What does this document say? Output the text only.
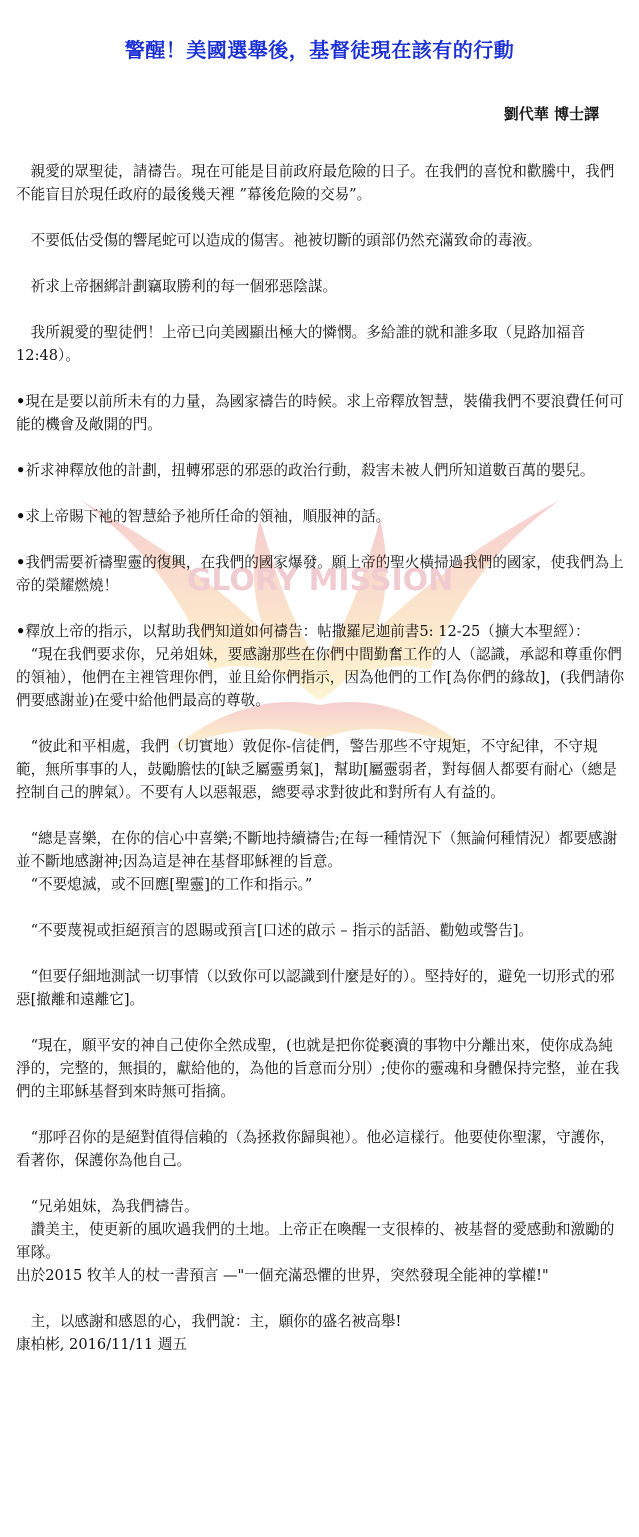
GLORY MISSION
警醒！美國選舉後，基督徒現在該有的行動
劉代華 博士譯

　親愛的眾聖徒，請禱告。現在可能是目前政府最危險的日子。在我們的喜悅和歡騰中，我們不能盲目於現任政府的最後幾天裡 ”幕後危險的交易”。

　不要低估受傷的響尾蛇可以造成的傷害。祂被切斷的頭部仍然充滿致命的毒液。

　祈求上帝捆綁計劃竊取勝利的每一個邪惡陰謀。

　我所親愛的聖徒們！上帝已向美國顯出極大的憐憫。多給誰的就和誰多取（見路加福音 12:48）。

• 現在是要以前所未有的力量，為國家禱告的時候。求上帝釋放智慧，裝備我們不要浪費任何可能的機會及敞開的門。

• 祈求神釋放他的計劃，扭轉邪惡的邪惡的政治行動，殺害未被人們所知道數百萬的嬰兒。

• 求上帝賜下祂的智慧給予祂所任命的領袖，順服神的話。

• 我們需要祈禱聖靈的復興，在我們的國家爆發。願上帝的聖火橫掃過我們的國家，使我們為上帝的榮耀燃燒！

• 釋放上帝的指示，以幫助我們知道如何禱告：帖撒羅尼迦前書5: 12-25（擴大本聖經）：

　“現在我們要求你，兄弟姐妹，要感謝那些在你們中間勤奮工作的人（認識，承認和尊重你們的領袖），他們在主裡管理你們，並且給你們指示，因為他們的工作[為你們的緣故]，(我們請你們要感謝並)在愛中給他們最高的尊敬。

　“彼此和平相處，我們（切實地）敦促你-信徒們，警告那些不守規矩，不守紀律，不守規範，無所事事的人，鼓勵膽怯的[缺乏屬靈勇氣]，幫助[屬靈弱者，對每個人都要有耐心（總是控制自己的脾氣）。不要有人以惡報惡，總要尋求對彼此和對所有人有益的。

　“總是喜樂，在你的信心中喜樂;不斷地持續禱告;在每一種情況下（無論何種情況）都要感謝並不斷地感謝神;因為這是神在基督耶穌裡的旨意。

　“不要熄滅，或不回應[聖靈]的工作和指示。”

　“不要蔑視或拒絕預言的恩賜或預言[口述的啟示 – 指示的話語、勸勉或警告]。

　“但要仔細地測試一切事情（以致你可以認識到什麼是好的）。堅持好的，避免一切形式的邪惡[撤離和遠離它]。

　“現在，願平安的神自己使你全然成聖，(也就是把你從褻瀆的事物中分離出來，使你成為純淨的，完整的，無損的，獻給他的，為他的旨意而分別）;使你的靈魂和身體保持完整，並在我們的主耶穌基督到來時無可指摘。

　“那呼召你的是絕對值得信賴的（為拯救你歸與祂）。他必這樣行。他要使你聖潔，守護你，看著你，保護你為他自己。

　“兄弟姐妹，為我們禱告。

　讚美主，使更新的風吹過我們的土地。上帝正在喚醒一支很棒的、被基督的愛感動和激勵的軍隊。

出於2015 牧羊人的杖一書預言 —"一個充滿恐懼的世界，突然發現全能神的掌權!"

　主，以感謝和感恩的心，我們說：主，願你的盛名被高舉!

康柏彬, 2016/11/11 週五
